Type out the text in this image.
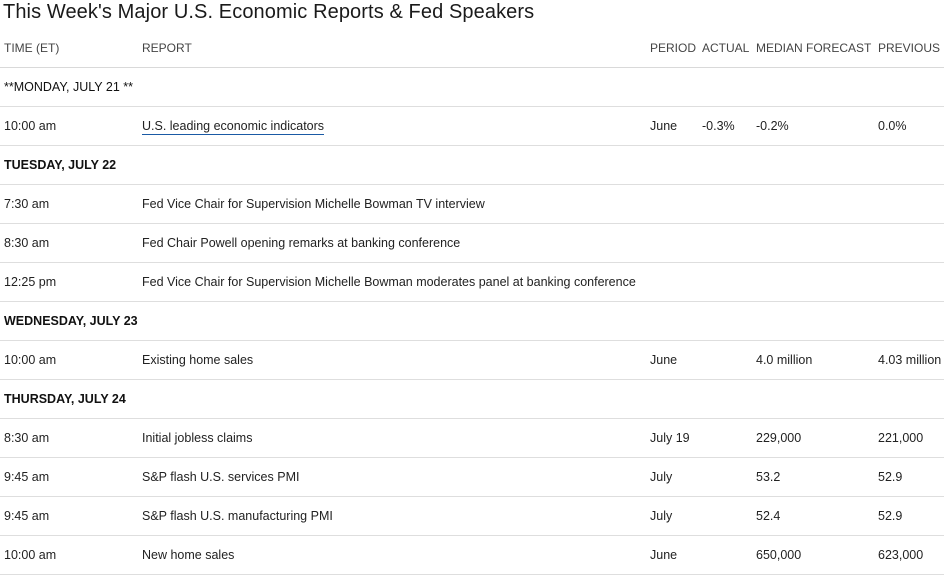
This Week's Major U.S. Economic Reports & Fed Speakers
TIME (ET)	REPORT	PERIOD	ACTUAL	MEDIAN FORECAST	PREVIOUS
**MONDAY, JULY 21 **					
10:00 am	U.S. leading economic indicators	June	-0.3%	-0.2%	0.0%
TUESDAY, JULY 22					
7:30 am	Fed Vice Chair for Supervision Michelle Bowman TV interview				
8:30 am	Fed Chair Powell opening remarks at banking conference				
12:25 pm	Fed Vice Chair for Supervision Michelle Bowman moderates panel at banking conference				
WEDNESDAY, JULY 23					
10:00 am	Existing home sales	June		4.0 million	4.03 million
THURSDAY, JULY 24					
8:30 am	Initial jobless claims	July 19		229,000	221,000
9:45 am	S&P flash U.S. services PMI	July		53.2	52.9
9:45 am	S&P flash U.S. manufacturing PMI	July		52.4	52.9
10:00 am	New home sales	June		650,000	623,000
